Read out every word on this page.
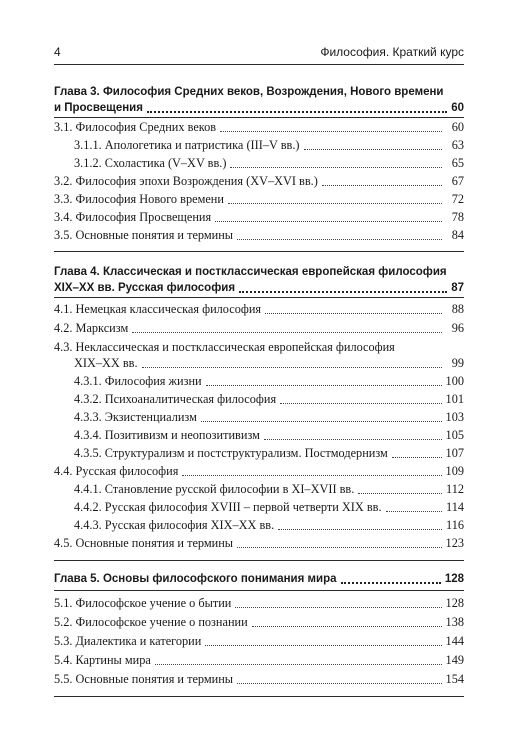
4	Философия. Краткий курс
Глава 3. Философия Средних веков, Возрождения, Нового времени
и Просвещения	60
3.1. Философия Средних веков	60
3.1.1. Апологетика и патристика (III–V вв.)	63
3.1.2. Схоластика (V–XV вв.)	65
3.2. Философия эпохи Возрождения (XV–XVI вв.)	67
3.3. Философия Нового времени	72
3.4. Философия Просвещения	78
3.5. Основные понятия и термины	84
Глава 4. Классическая и постклассическая европейская философия
XIX–XX вв. Русская философия	87
4.1. Немецкая классическая философия	88
4.2. Марксизм	96
4.3. Неклассическая и постклассическая европейская философия
XIX–XX вв.	99
4.3.1. Философия жизни	100
4.3.2. Психоаналитическая философия	101
4.3.3. Экзистенциализм	103
4.3.4. Позитивизм и неопозитивизм	105
4.3.5. Структурализм и постструктурализм. Постмодернизм	107
4.4. Русская философия	109
4.4.1. Становление русской философии в XI–XVII вв.	112
4.4.2. Русская философия XVIII – первой четверти XIX вв.	114
4.4.3. Русская философия XIX–XX вв.	116
4.5. Основные понятия и термины	123
Глава 5. Основы философского понимания мира	128
5.1. Философское учение о бытии	128
5.2. Философское учение о познании	138
5.3. Диалектика и категории	144
5.4. Картины мира	149
5.5. Основные понятия и термины	154
